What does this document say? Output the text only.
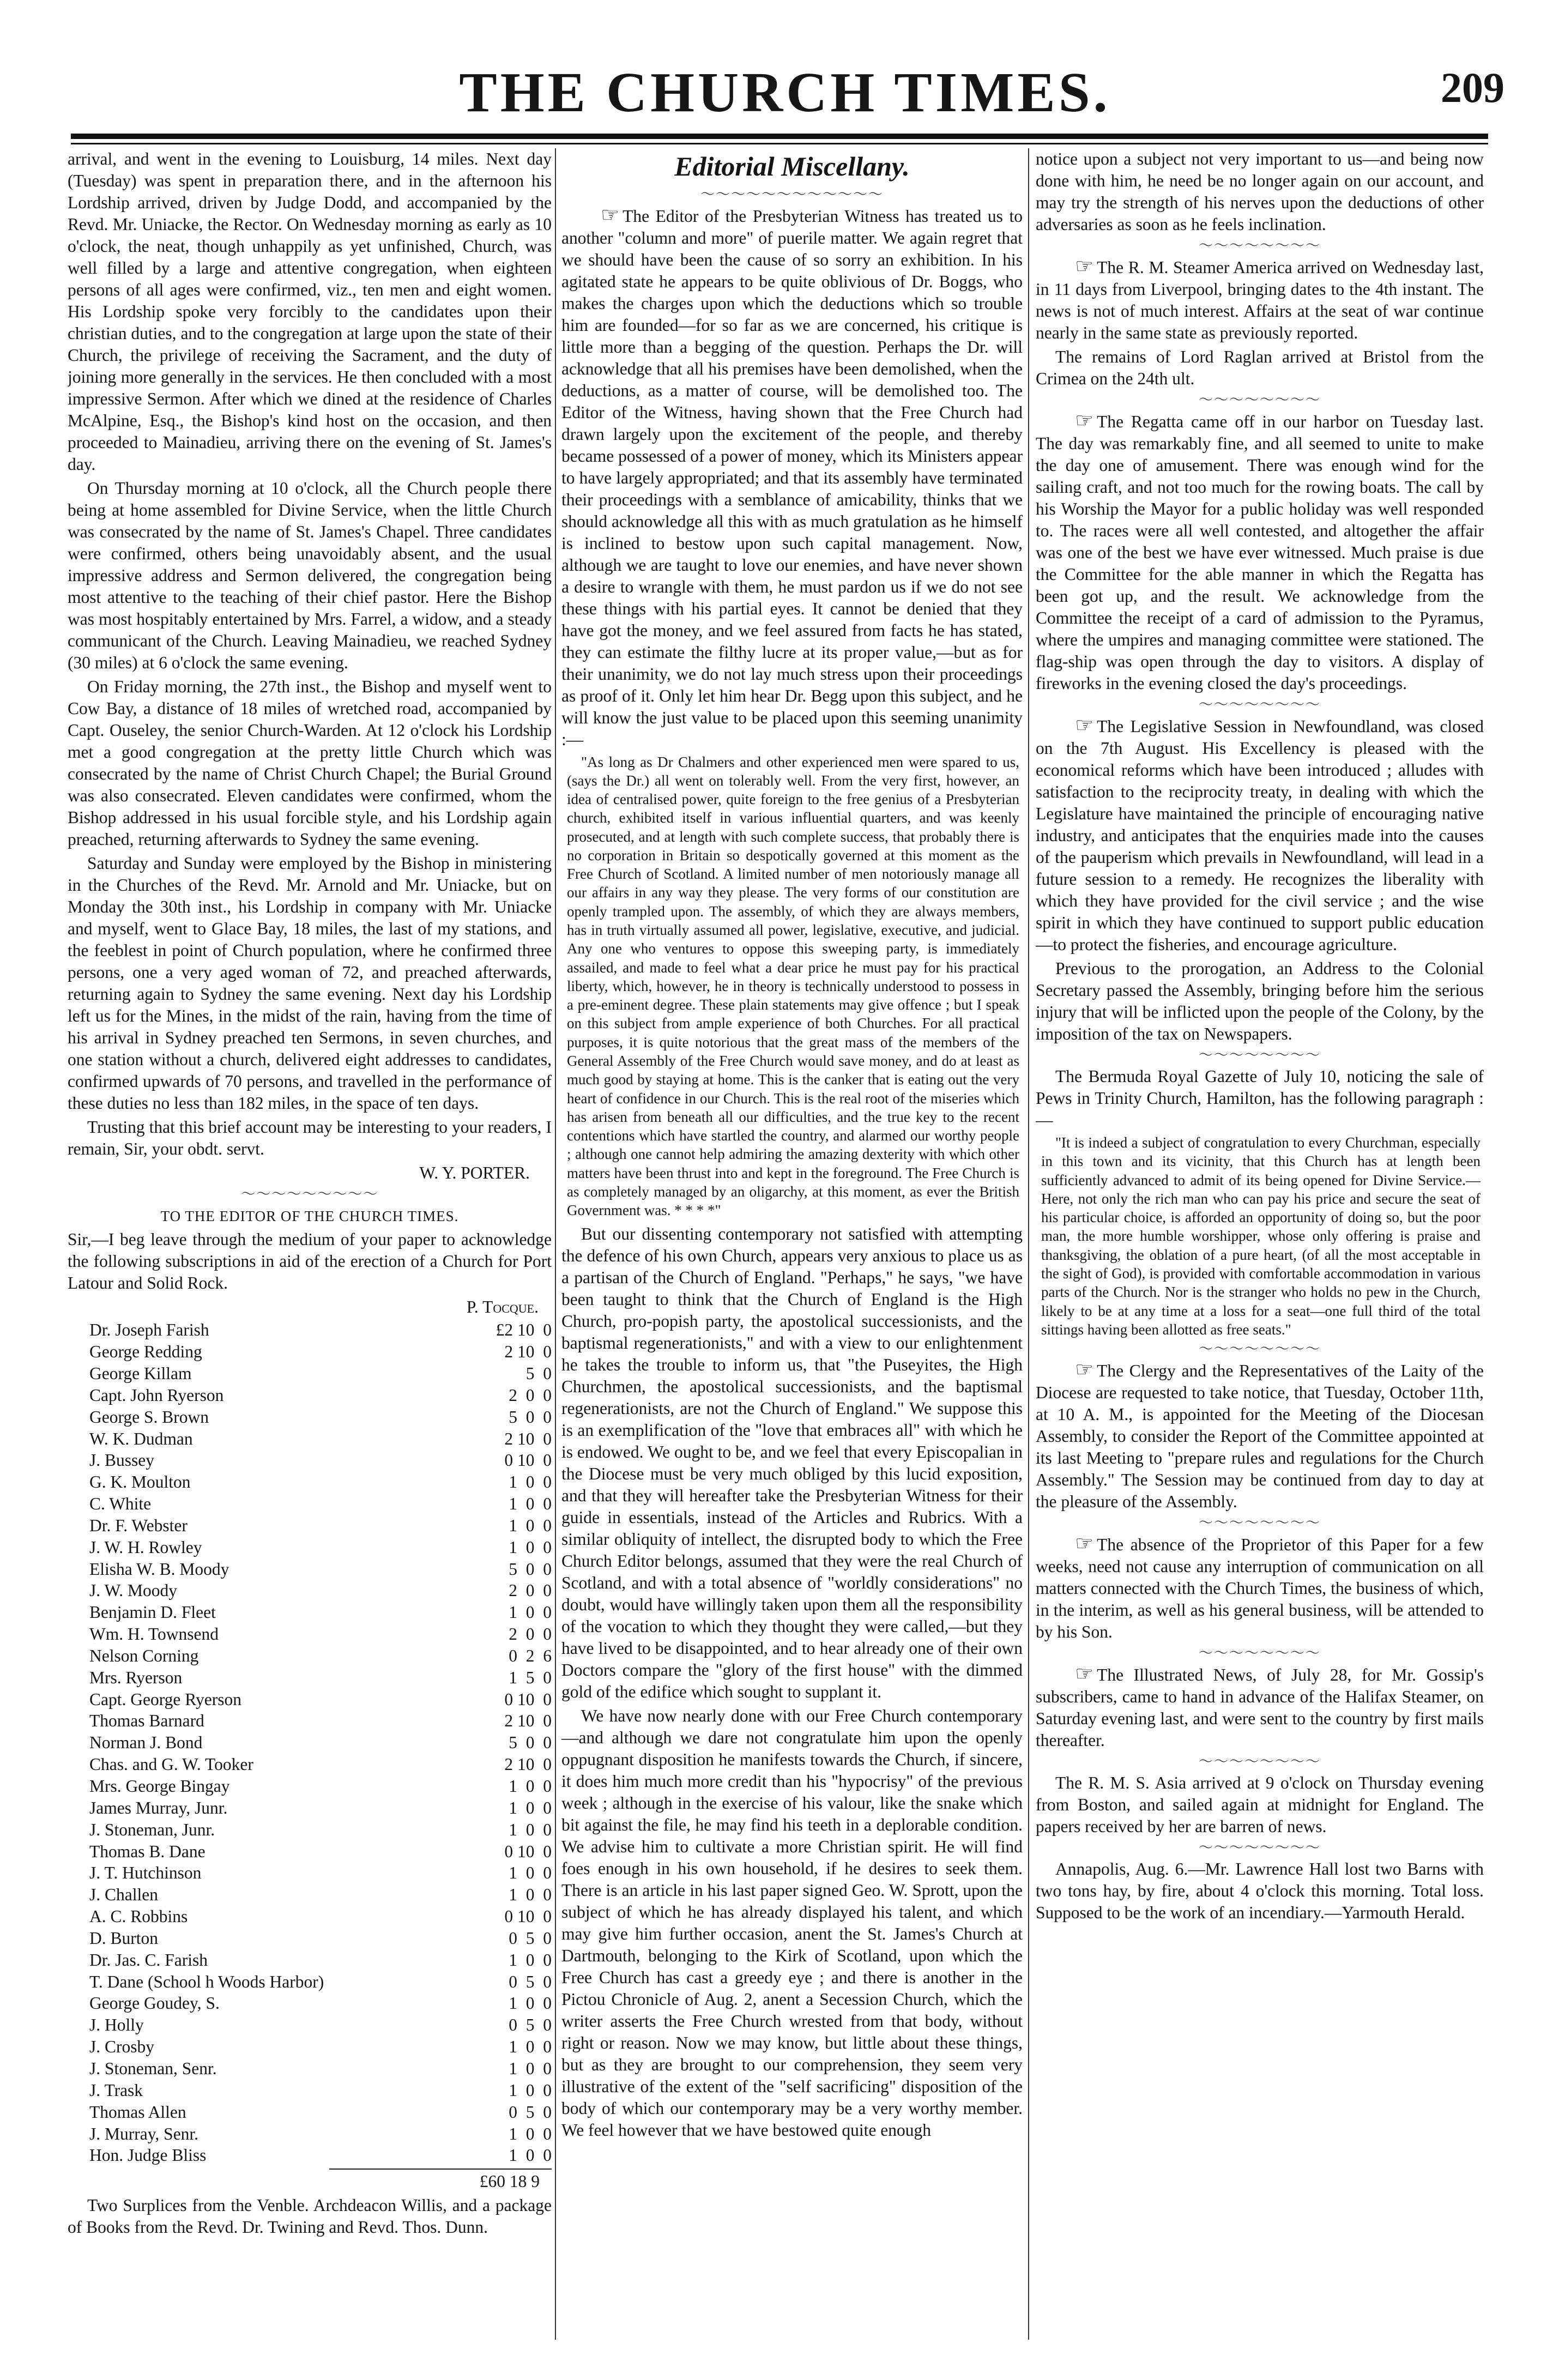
THE CHURCH TIMES.	209

arrival, and went in the evening to Louisburg, 14 miles. Next day (Tuesday) was spent in preparation there, and in the afternoon his Lordship arrived, driven by Judge Dodd, and accompanied by the Revd. Mr. Uniacke, the Rector. On Wednesday morning as early as 10 o'clock, the neat, though unhappily as yet unfinished, Church, was well filled by a large and attentive congregation, when eighteen persons of all ages were confirmed, viz., ten men and eight women. His Lordship spoke very forcibly to the candidates upon their christian duties, and to the congregation at large upon the state of their Church, the privilege of receiving the Sacrament, and the duty of joining more generally in the services. He then concluded with a most impressive Sermon. After which we dined at the residence of Charles McAlpine, Esq., the Bishop's kind host on the occasion, and then proceeded to Mainadieu, arriving there on the evening of St. James's day.

On Thursday morning at 10 o'clock, all the Church people there being at home assembled for Divine Service, when the little Church was consecrated by the name of St. James's Chapel. Three candidates were confirmed, others being unavoidably absent, and the usual impressive address and Sermon delivered, the congregation being most attentive to the teaching of their chief pastor. Here the Bishop was most hospitably entertained by Mrs. Farrel, a widow, and a steady communicant of the Church. Leaving Mainadieu, we reached Sydney (30 miles) at 6 o'clock the same evening.

On Friday morning, the 27th inst., the Bishop and myself went to Cow Bay, a distance of 18 miles of wretched road, accompanied by Capt. Ouseley, the senior Church-Warden. At 12 o'clock his Lordship met a good congregation at the pretty little Church which was consecrated by the name of Christ Church Chapel; the Burial Ground was also consecrated. Eleven candidates were confirmed, whom the Bishop addressed in his usual forcible style, and his Lordship again preached, returning afterwards to Sydney the same evening.

Saturday and Sunday were employed by the Bishop in ministering in the Churches of the Revd. Mr. Arnold and Mr. Uniacke, but on Monday the 30th inst., his Lordship in company with Mr. Uniacke and myself, went to Glace Bay, 18 miles, the last of my stations, and the feeblest in point of Church population, where he confirmed three persons, one a very aged woman of 72, and preached afterwards, returning again to Sydney the same evening. Next day his Lordship left us for the Mines, in the midst of the rain, having from the time of his arrival in Sydney preached ten Sermons, in seven churches, and one station without a church, delivered eight addresses to candidates, confirmed upwards of 70 persons, and travelled in the performance of these duties no less than 182 miles, in the space of ten days.

Trusting that this brief account may be interesting to your readers, I remain, Sir, your obdt. servt.

W. Y. PORTER.
〜〜〜〜〜〜〜〜〜
TO THE EDITOR OF THE CHURCH TIMES.

Sir,—I beg leave through the medium of your paper to acknowledge the following subscriptions in aid of the erection of a Church for Port Latour and Solid Rock.

P. Tocque.
Dr. Joseph Farish	£2 10  0
George Redding	2 10  0
George Killam	5  0
Capt. John Ryerson	2  0  0
George S. Brown	5  0  0
W. K. Dudman	2 10  0
J. Bussey	0 10  0
G. K. Moulton	1  0  0
C. White	1  0  0
Dr. F. Webster	1  0  0
J. W. H. Rowley	1  0  0
Elisha W. B. Moody	5  0  0
J. W. Moody	2  0  0
Benjamin D. Fleet	1  0  0
Wm. H. Townsend	2  0  0
Nelson Corning	0  2  6
Mrs. Ryerson	1  5  0
Capt. George Ryerson	0 10  0
Thomas Barnard	2 10  0
Norman J. Bond	5  0  0
Chas. and G. W. Tooker	2 10  0
Mrs. George Bingay	1  0  0
James Murray, Junr.	1  0  0
J. Stoneman, Junr.	1  0  0
Thomas B. Dane	0 10  0
J. T. Hutchinson	1  0  0
J. Challen	1  0  0
A. C. Robbins	0 10  0
D. Burton	0  5  0
Dr. Jas. C. Farish	1  0  0
T. Dane (School h Woods Harbor)	0  5  0
George Goudey, S.	1  0  0
J. Holly	0  5  0
J. Crosby	1  0  0
J. Stoneman, Senr.	1  0  0
J. Trask	1  0  0
Thomas Allen	0  5  0
J. Murray, Senr.	1  0  0
Hon. Judge Bliss	1  0  0
£60 18 9

Two Surplices from the Venble. Archdeacon Willis, and a package of Books from the Revd. Dr. Twining and Revd. Thos. Dunn.

Editorial Miscellany.
〜〜〜〜〜〜〜〜〜〜〜〜

☞ The Editor of the Presbyterian Witness has treated us to another "column and more" of puerile matter. We again regret that we should have been the cause of so sorry an exhibition. In his agitated state he appears to be quite oblivious of Dr. Boggs, who makes the charges upon which the deductions which so trouble him are founded—for so far as we are concerned, his critique is little more than a begging of the question. Perhaps the Dr. will acknowledge that all his premises have been demolished, when the deductions, as a matter of course, will be demolished too. The Editor of the Witness, having shown that the Free Church had drawn largely upon the excitement of the people, and thereby became possessed of a power of money, which its Ministers appear to have largely appropriated; and that its assembly have terminated their proceedings with a semblance of amicability, thinks that we should acknowledge all this with as much gratulation as he himself is inclined to bestow upon such capital management. Now, although we are taught to love our enemies, and have never shown a desire to wrangle with them, he must pardon us if we do not see these things with his partial eyes. It cannot be denied that they have got the money, and we feel assured from facts he has stated, they can estimate the filthy lucre at its proper value,—but as for their unanimity, we do not lay much stress upon their proceedings as proof of it. Only let him hear Dr. Begg upon this subject, and he will know the just value to be placed upon this seeming unanimity :—

"As long as Dr Chalmers and other experienced men were spared to us, (says the Dr.) all went on tolerably well. From the very first, however, an idea of centralised power, quite foreign to the free genius of a Presbyterian church, exhibited itself in various influential quarters, and was keenly prosecuted, and at length with such complete success, that probably there is no corporation in Britain so despotically governed at this moment as the Free Church of Scotland. A limited number of men notoriously manage all our affairs in any way they please. The very forms of our constitution are openly trampled upon. The assembly, of which they are always members, has in truth virtually assumed all power, legislative, executive, and judicial. Any one who ventures to oppose this sweeping party, is immediately assailed, and made to feel what a dear price he must pay for his practical liberty, which, however, he in theory is technically understood to possess in a pre-eminent degree. These plain statements may give offence ; but I speak on this subject from ample experience of both Churches. For all practical purposes, it is quite notorious that the great mass of the members of the General Assembly of the Free Church would save money, and do at least as much good by staying at home. This is the canker that is eating out the very heart of confidence in our Church. This is the real root of the miseries which has arisen from beneath all our difficulties, and the true key to the recent contentions which have startled the country, and alarmed our worthy people ; although one cannot help admiring the amazing dexterity with which other matters have been thrust into and kept in the foreground. The Free Church is as completely managed by an oligarchy, at this moment, as ever the British Government was. * * * *"

But our dissenting contemporary not satisfied with attempting the defence of his own Church, appears very anxious to place us as a partisan of the Church of England. "Perhaps," he says, "we have been taught to think that the Church of England is the High Church, pro-popish party, the apostolical successionists, and the baptismal regenerationists," and with a view to our enlightenment he takes the trouble to inform us, that "the Puseyites, the High Churchmen, the apostolical successionists, and the baptismal regenerationists, are not the Church of England." We suppose this is an exemplification of the "love that embraces all" with which he is endowed. We ought to be, and we feel that every Episcopalian in the Diocese must be very much obliged by this lucid exposition, and that they will hereafter take the Presbyterian Witness for their guide in essentials, instead of the Articles and Rubrics. With a similar obliquity of intellect, the disrupted body to which the Free Church Editor belongs, assumed that they were the real Church of Scotland, and with a total absence of "worldly considerations" no doubt, would have willingly taken upon them all the responsibility of the vocation to which they thought they were called,—but they have lived to be disappointed, and to hear already one of their own Doctors compare the "glory of the first house" with the dimmed gold of the edifice which sought to supplant it.

We have now nearly done with our Free Church contemporary—and although we dare not congratulate him upon the openly oppugnant disposition he manifests towards the Church, if sincere, it does him much more credit than his "hypocrisy" of the previous week ; although in the exercise of his valour, like the snake which bit against the file, he may find his teeth in a deplorable condition. We advise him to cultivate a more Christian spirit. He will find foes enough in his own household, if he desires to seek them. There is an article in his last paper signed Geo. W. Sprott, upon the subject of which he has already displayed his talent, and which may give him further occasion, anent the St. James's Church at Dartmouth, belonging to the Kirk of Scotland, upon which the Free Church has cast a greedy eye ; and there is another in the Pictou Chronicle of Aug. 2, anent a Secession Church, which the writer asserts the Free Church wrested from that body, without right or reason. Now we may know, but little about these things, but as they are brought to our comprehension, they seem very illustrative of the extent of the "self sacrificing" disposition of the body of which our contemporary may be a very worthy member. We feel however that we have bestowed quite enough

notice upon a subject not very important to us—and being now done with him, he need be no longer again on our account, and may try the strength of his nerves upon the deductions of other adversaries as soon as he feels inclination.

〜〜〜〜〜〜〜〜

☞ The R. M. Steamer America arrived on Wednesday last, in 11 days from Liverpool, bringing dates to the 4th instant. The news is not of much interest. Affairs at the seat of war continue nearly in the same state as previously reported.

The remains of Lord Raglan arrived at Bristol from the Crimea on the 24th ult.

〜〜〜〜〜〜〜〜

☞ The Regatta came off in our harbor on Tuesday last. The day was remarkably fine, and all seemed to unite to make the day one of amusement. There was enough wind for the sailing craft, and not too much for the rowing boats. The call by his Worship the Mayor for a public holiday was well responded to. The races were all well contested, and altogether the affair was one of the best we have ever witnessed. Much praise is due the Committee for the able manner in which the Regatta has been got up, and the result. We acknowledge from the Committee the receipt of a card of admission to the Pyramus, where the umpires and managing committee were stationed. The flag-ship was open through the day to visitors. A display of fireworks in the evening closed the day's proceedings.

〜〜〜〜〜〜〜〜

☞ The Legislative Session in Newfoundland, was closed on the 7th August. His Excellency is pleased with the economical reforms which have been introduced ; alludes with satisfaction to the reciprocity treaty, in dealing with which the Legislature have maintained the principle of encouraging native industry, and anticipates that the enquiries made into the causes of the pauperism which prevails in Newfoundland, will lead in a future session to a remedy. He recognizes the liberality with which they have provided for the civil service ; and the wise spirit in which they have continued to support public education—to protect the fisheries, and encourage agriculture.

Previous to the prorogation, an Address to the Colonial Secretary passed the Assembly, bringing before him the serious injury that will be inflicted upon the people of the Colony, by the imposition of the tax on Newspapers.

〜〜〜〜〜〜〜〜

The Bermuda Royal Gazette of July 10, noticing the sale of Pews in Trinity Church, Hamilton, has the following paragraph :—

"It is indeed a subject of congratulation to every Churchman, especially in this town and its vicinity, that this Church has at length been sufficiently advanced to admit of its being opened for Divine Service.—Here, not only the rich man who can pay his price and secure the seat of his particular choice, is afforded an opportunity of doing so, but the poor man, the more humble worshipper, whose only offering is praise and thanksgiving, the oblation of a pure heart, (of all the most acceptable in the sight of God), is provided with comfortable accommodation in various parts of the Church. Nor is the stranger who holds no pew in the Church, likely to be at any time at a loss for a seat—one full third of the total sittings having been allotted as free seats."

〜〜〜〜〜〜〜〜

☞ The Clergy and the Representatives of the Laity of the Diocese are requested to take notice, that Tuesday, October 11th, at 10 A. M., is appointed for the Meeting of the Diocesan Assembly, to consider the Report of the Committee appointed at its last Meeting to "prepare rules and regulations for the Church Assembly." The Session may be continued from day to day at the pleasure of the Assembly.

〜〜〜〜〜〜〜〜

☞ The absence of the Proprietor of this Paper for a few weeks, need not cause any interruption of communication on all matters connected with the Church Times, the business of which, in the interim, as well as his general business, will be attended to by his Son.

〜〜〜〜〜〜〜〜

☞ The Illustrated News, of July 28, for Mr. Gossip's subscribers, came to hand in advance of the Halifax Steamer, on Saturday evening last, and were sent to the country by first mails thereafter.

〜〜〜〜〜〜〜〜

The R. M. S. Asia arrived at 9 o'clock on Thursday evening from Boston, and sailed again at midnight for England. The papers received by her are barren of news.

〜〜〜〜〜〜〜〜

Annapolis, Aug. 6.—Mr. Lawrence Hall lost two Barns with two tons hay, by fire, about 4 o'clock this morning. Total loss. Supposed to be the work of an incendiary.—Yarmouth Herald.
